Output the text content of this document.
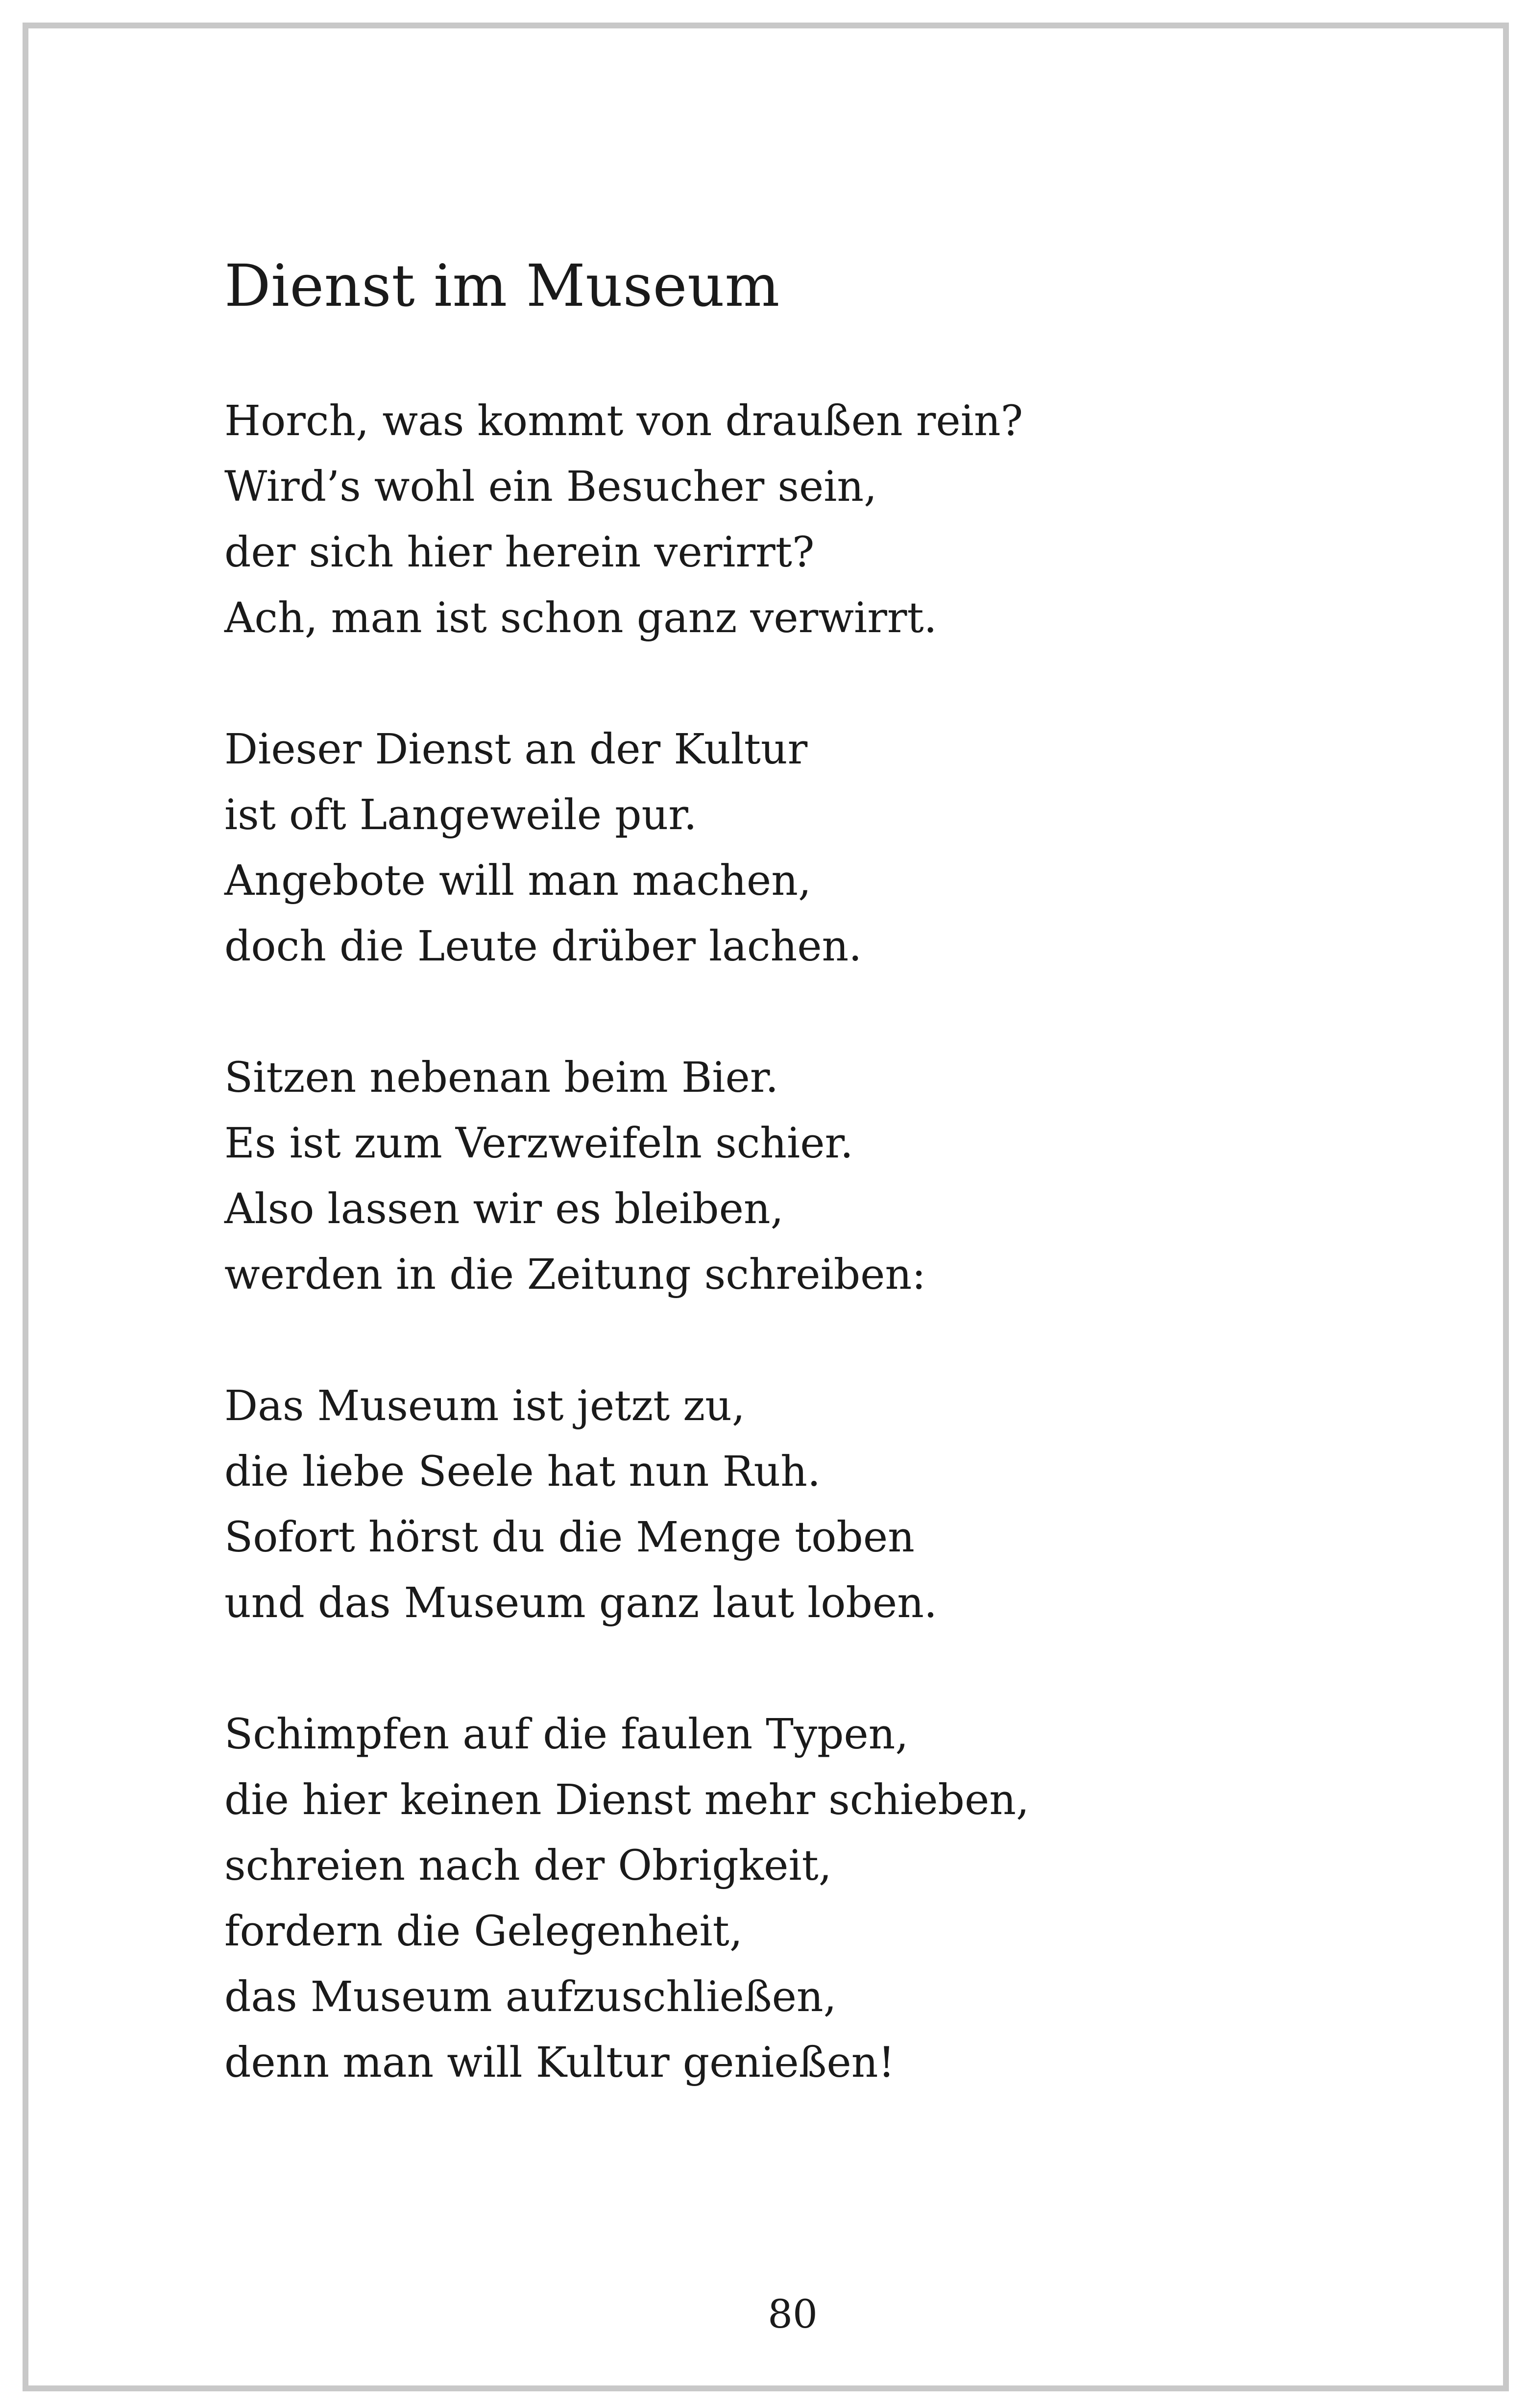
Dienst im Museum
Horch, was kommt von draußen rein?
Wird’s wohl ein Besucher sein,
der sich hier herein verirrt?
Ach, man ist schon ganz verwirrt.
Dieser Dienst an der Kultur
ist oft Langeweile pur.
Angebote will man machen,
doch die Leute drüber lachen.
Sitzen nebenan beim Bier.
Es ist zum Verzweifeln schier.
Also lassen wir es bleiben,
werden in die Zeitung schreiben:
Das Museum ist jetzt zu,
die liebe Seele hat nun Ruh.
Sofort hörst du die Menge toben
und das Museum ganz laut loben.
Schimpfen auf die faulen Typen,
die hier keinen Dienst mehr schieben,
schreien nach der Obrigkeit,
fordern die Gelegenheit,
das Museum aufzuschließen,
denn man will Kultur genießen!
80
